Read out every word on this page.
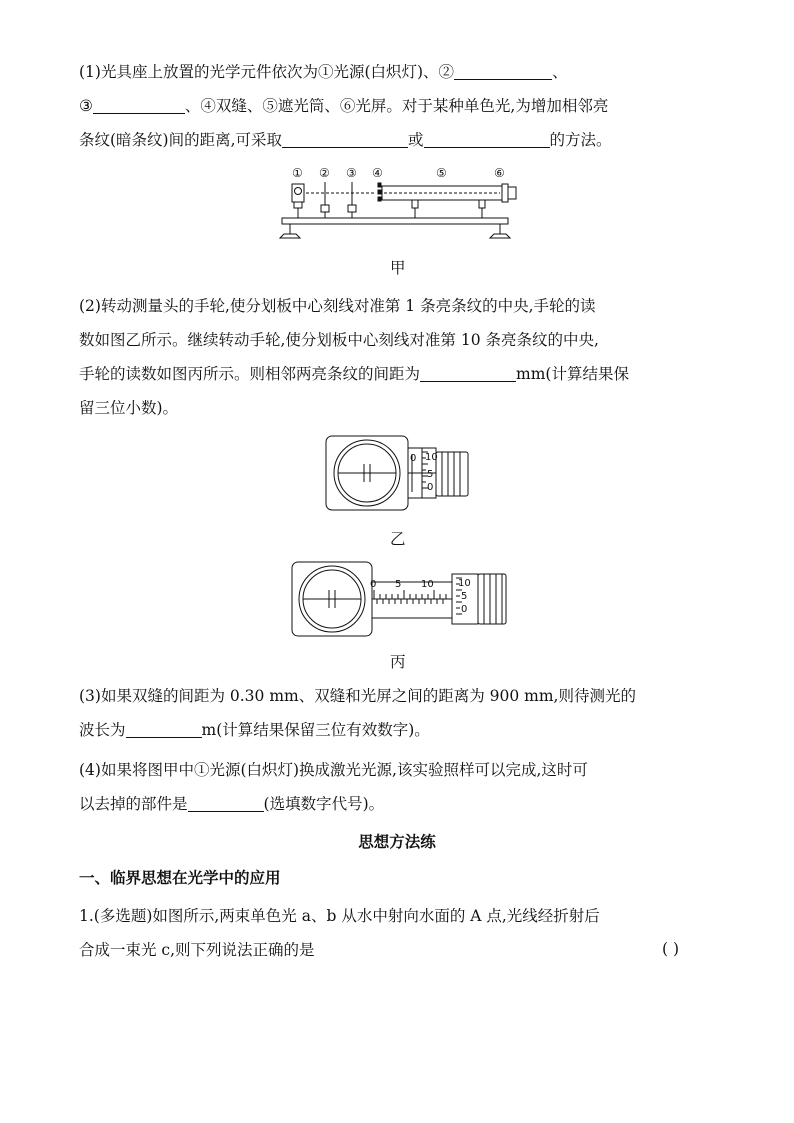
(1)光具座上放置的光学元件依次为①光源(白炽灯)、②	、
③	、④双缝、⑤遮光筒、⑥光屏。对于某种单色光,为增加相邻亮
条纹(暗条纹)间的距离,可采取	或	的方法。
① ② ③ ④	⑤	⑥
甲
(2)转动测量头的手轮,使分划板中心刻线对准第 1 条亮条纹的中央,手轮的读
数如图乙所示。继续转动手轮,使分划板中心刻线对准第 10 条亮条纹的中央,
手轮的读数如图丙所示。则相邻两亮条纹的间距为	mm(计算结果保
留三位小数)。
0 10
5
0
乙
0 5 10 10
5
0
丙
(3)如果双缝的间距为 0.30 mm、双缝和光屏之间的距离为 900 mm,则待测光的
波长为	m(计算结果保留三位有效数字)。
(4)如果将图甲中①光源(白炽灯)换成激光光源,该实验照样可以完成,这时可
以去掉的部件是	(选填数字代号)。
思想方法练
一、临界思想在光学中的应用
1.(多选题)如图所示,两束单色光 a、b 从水中射向水面的 A 点,光线经折射后
合成一束光 c,则下列说法正确的是	( )
